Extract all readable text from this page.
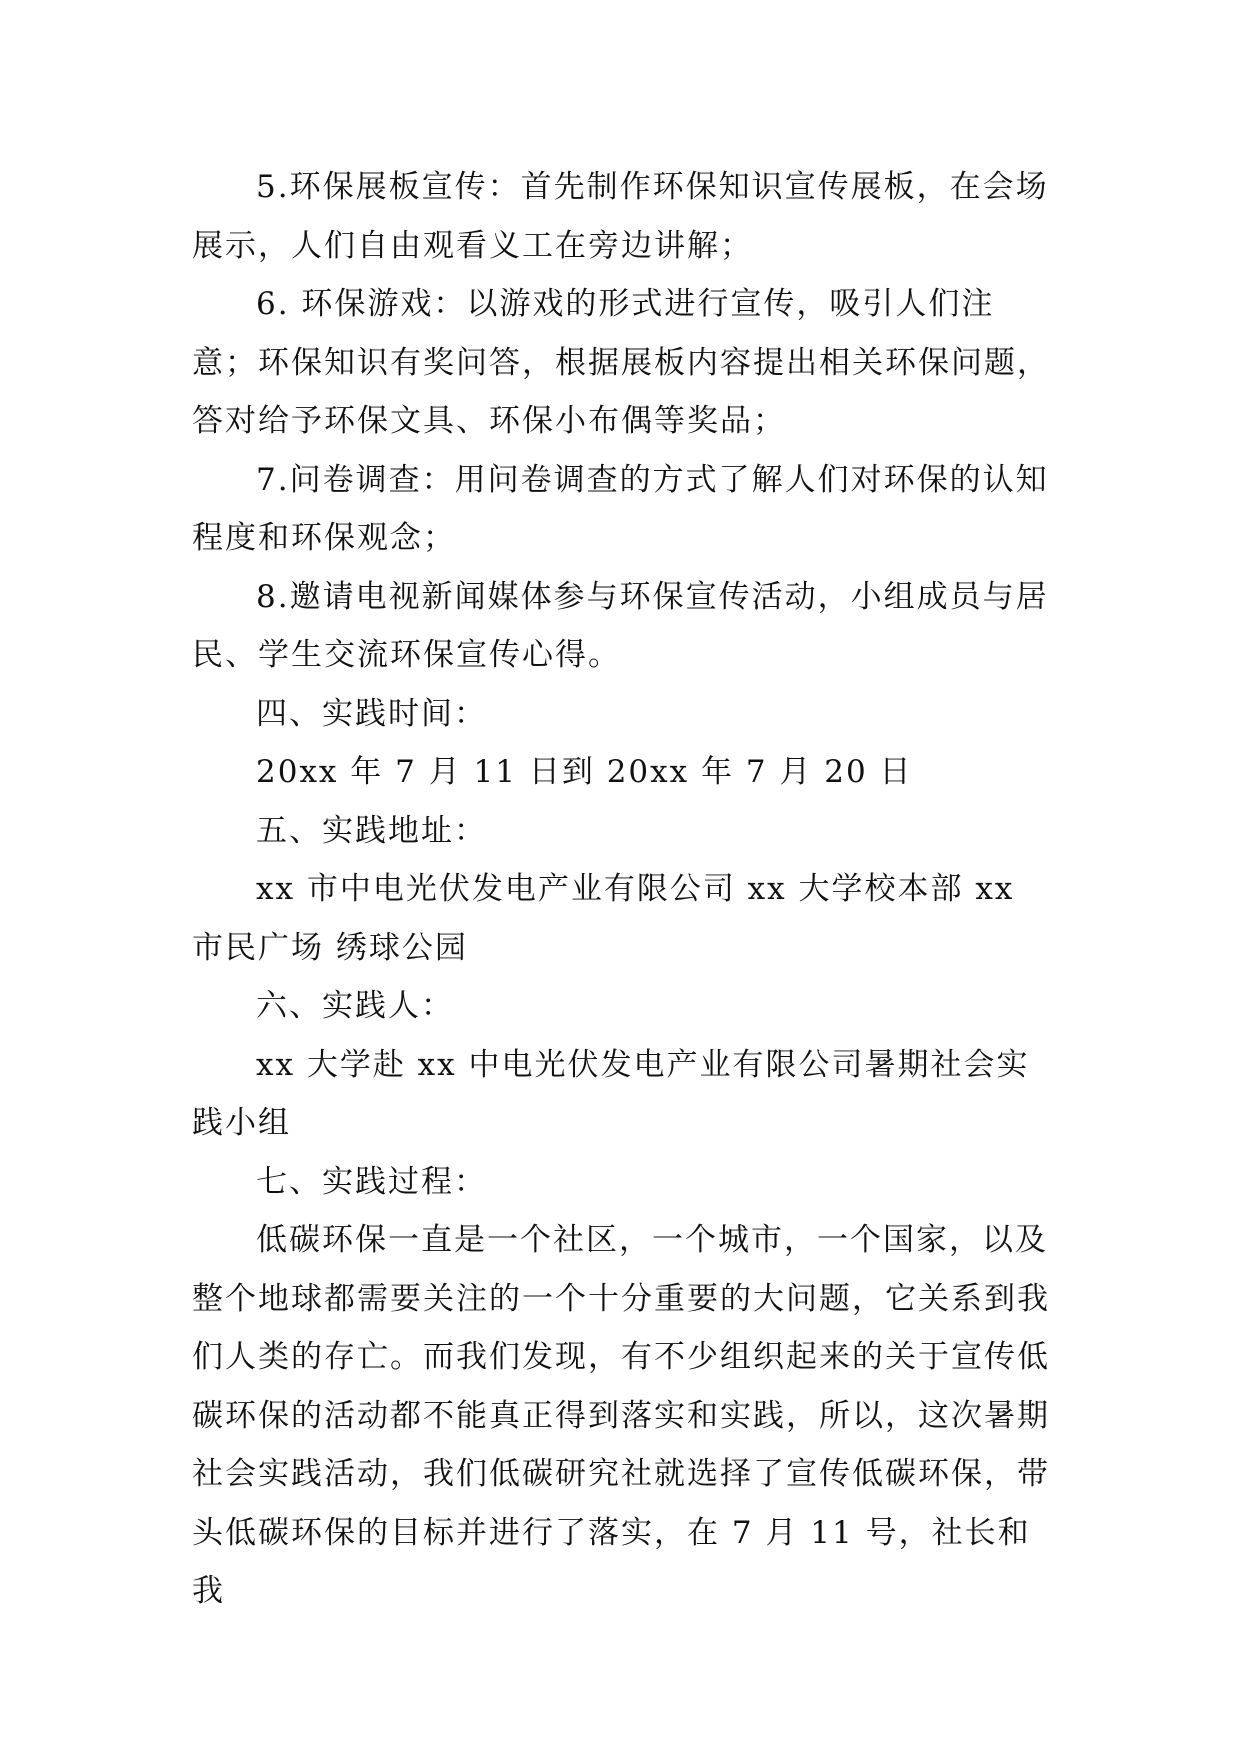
5.环保展板宣传：首先制作环保知识宣传展板，在会场展示，人们自由观看义工在旁边讲解；

6. 环保游戏：以游戏的形式进行宣传，吸引人们注意；环保知识有奖问答，根据展板内容提出相关环保问题，答对给予环保文具、环保小布偶等奖品；

7.问卷调查：用问卷调查的方式了解人们对环保的认知程度和环保观念；

8.邀请电视新闻媒体参与环保宣传活动，小组成员与居民、学生交流环保宣传心得。

四、实践时间：

20xx 年 7 月 11 日到 20xx 年 7 月 20 日

五、实践地址：

xx 市中电光伏发电产业有限公司 xx 大学校本部 xx 市民广场 绣球公园

六、实践人：

xx 大学赴 xx 中电光伏发电产业有限公司暑期社会实践小组

七、实践过程：

低碳环保一直是一个社区，一个城市，一个国家，以及整个地球都需要关注的一个十分重要的大问题，它关系到我们人类的存亡。而我们发现，有不少组织起来的关于宣传低碳环保的活动都不能真正得到落实和实践，所以，这次暑期社会实践活动，我们低碳研究社就选择了宣传低碳环保，带头低碳环保的目标并进行了落实，在 7 月 11 号，社长和我
